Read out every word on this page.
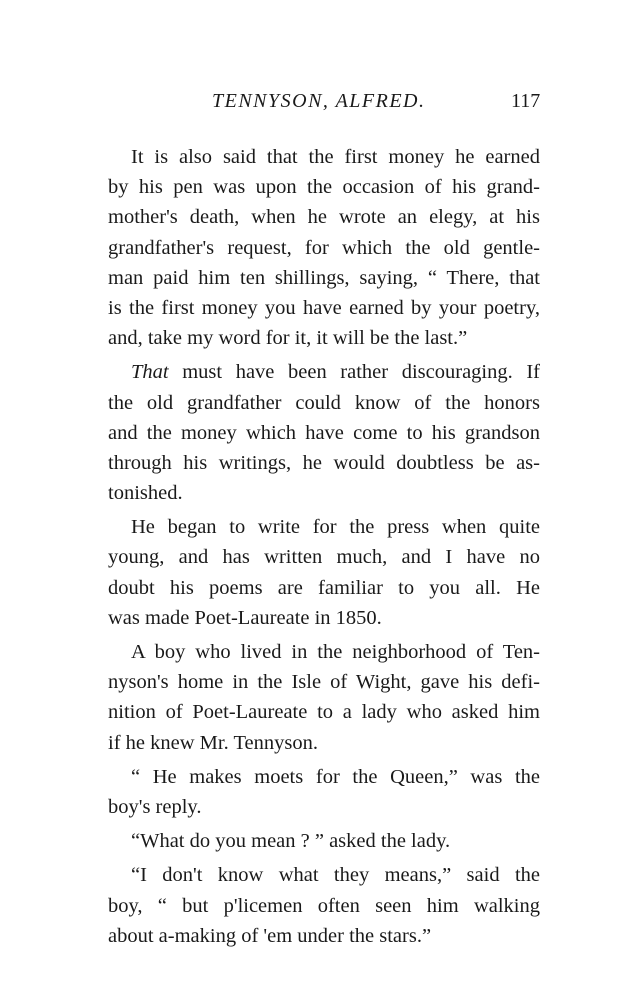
TENNYSON, ALFRED.	117
It is also said that the first money he earned
by his pen was upon the occasion of his grand-
mother's death, when he wrote an elegy, at his
grandfather's request, for which the old gentle-
man paid him ten shillings, saying, “ There, that
is the first money you have earned by your poetry,
and, take my word for it, it will be the last.”
That must have been rather discouraging. If
the old grandfather could know of the honors
and the money which have come to his grandson
through his writings, he would doubtless be as-
tonished.
He began to write for the press when quite
young, and has written much, and I have no
doubt his poems are familiar to you all. He
was made Poet-Laureate in 1850.
A boy who lived in the neighborhood of Ten-
nyson's home in the Isle of Wight, gave his defi-
nition of Poet-Laureate to a lady who asked him
if he knew Mr. Tennyson.
“ He makes moets for the Queen,” was the
boy's reply.
“What do you mean ? ” asked the lady.
“I don't know what they means,” said the
boy, “ but p'licemen often seen him walking
about a-making of 'em under the stars.”
